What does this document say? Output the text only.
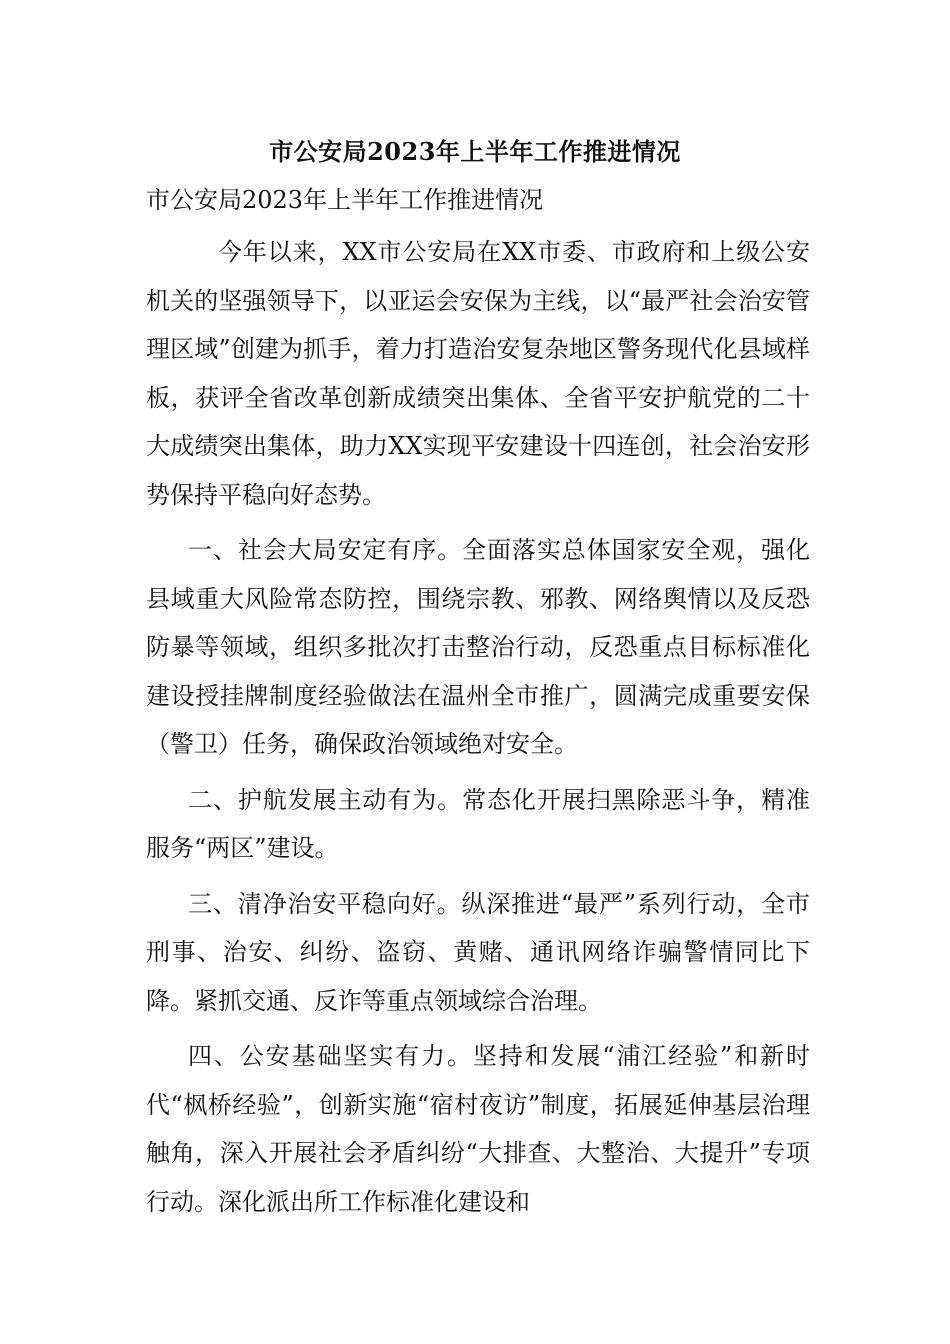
市公安局2023年上半年工作推进情况

市公安局2023年上半年工作推进情况

今年以来，XX市公安局在XX市委、市政府和上级公安机关的坚强领导下，以亚运会安保为主线，以“最严社会治安管理区域”创建为抓手，着力打造治安复杂地区警务现代化县域样板，获评全省改革创新成绩突出集体、全省平安护航党的二十大成绩突出集体，助力XX实现平安建设十四连创，社会治安形势保持平稳向好态势。

一、社会大局安定有序。全面落实总体国家安全观，强化县域重大风险常态防控，围绕宗教、邪教、网络舆情以及反恐防暴等领域，组织多批次打击整治行动，反恐重点目标标准化建设授挂牌制度经验做法在温州全市推广，圆满完成重要安保（警卫）任务，确保政治领域绝对安全。

二、护航发展主动有为。常态化开展扫黑除恶斗争，精准服务“两区”建设。

三、清净治安平稳向好。纵深推进“最严”系列行动，全市刑事、治安、纠纷、盗窃、黄赌、通讯网络诈骗警情同比下降。紧抓交通、反诈等重点领域综合治理。

四、公安基础坚实有力。坚持和发展“浦江经验”和新时代“枫桥经验”，创新实施“宿村夜访”制度，拓展延伸基层治理触角，深入开展社会矛盾纠纷“大排查、大整治、大提升”专项行动。深化派出所工作标准化建设和
